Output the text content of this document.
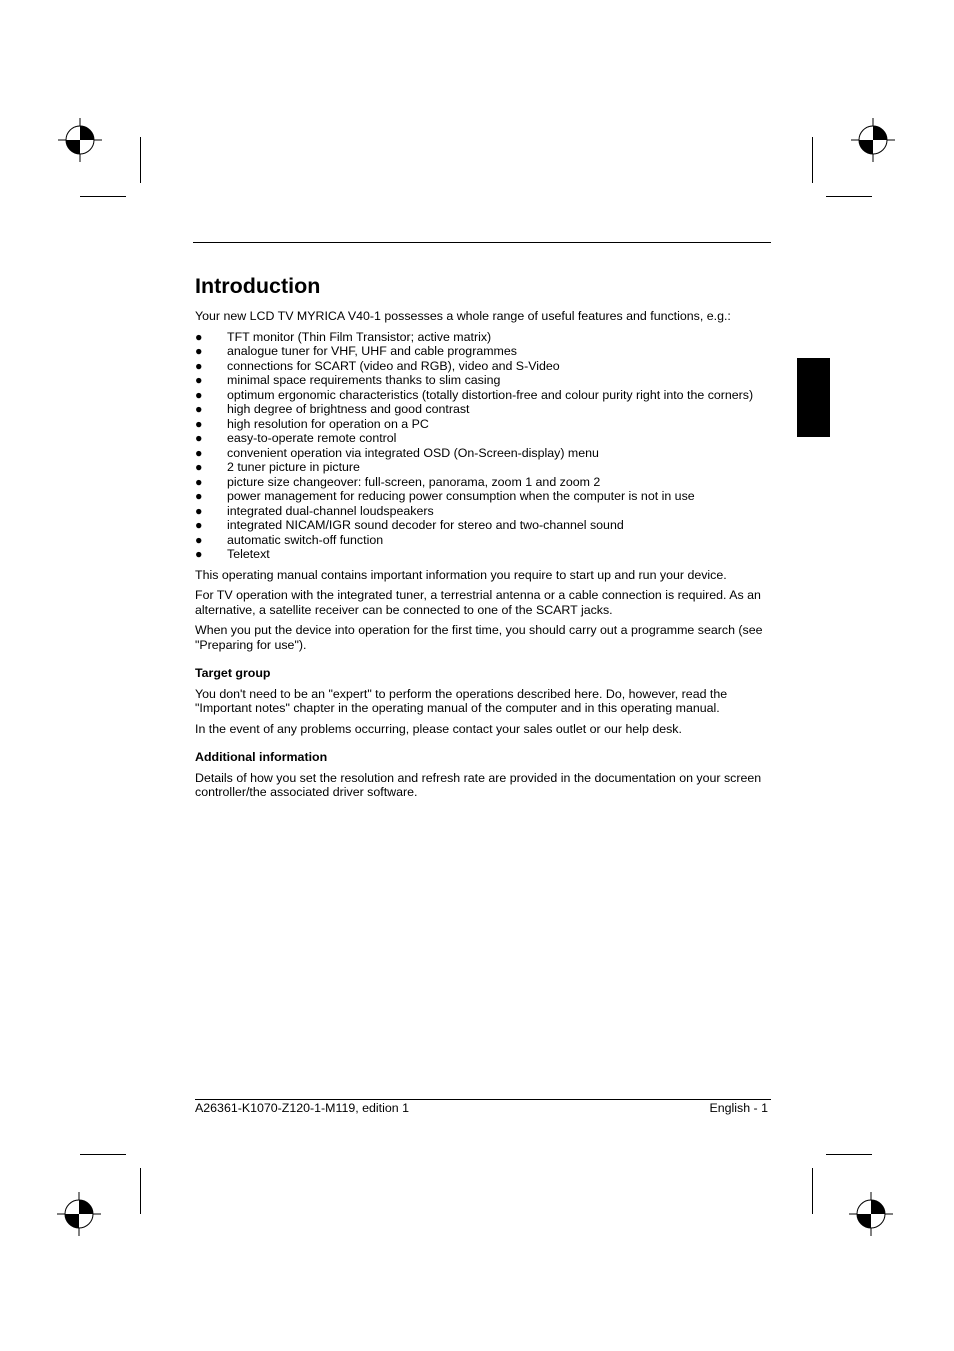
Introduction

Your new LCD TV MYRICA V40-1 possesses a whole range of useful features and functions, e.g.:

● TFT monitor (Thin Film Transistor; active matrix)
● analogue tuner for VHF, UHF and cable programmes
● connections for SCART (video and RGB), video and S-Video
● minimal space requirements thanks to slim casing
● optimum ergonomic characteristics (totally distortion-free and colour purity right into the corners)
● high degree of brightness and good contrast
● high resolution for operation on a PC
● easy-to-operate remote control
● convenient operation via integrated OSD (On-Screen-display) menu
● 2 tuner picture in picture
● picture size changeover: full-screen, panorama, zoom 1 and zoom 2
● power management for reducing power consumption when the computer is not in use
● integrated dual-channel loudspeakers
● integrated NICAM/IGR sound decoder for stereo and two-channel sound
● automatic switch-off function
● Teletext

This operating manual contains important information you require to start up and run your device.

For TV operation with the integrated tuner, a terrestrial antenna or a cable connection is required. As an alternative, a satellite receiver can be connected to one of the SCART jacks.

When you put the device into operation for the first time, you should carry out a programme search (see "Preparing for use").

Target group

You don't need to be an "expert" to perform the operations described here. Do, however, read the "Important notes" chapter in the operating manual of the computer and in this operating manual.

In the event of any problems occurring, please contact your sales outlet or our help desk.

Additional information

Details of how you set the resolution and refresh rate are provided in the documentation on your screen controller/the associated driver software.

A26361-K1070-Z120-1-M119, edition 1	English - 1
